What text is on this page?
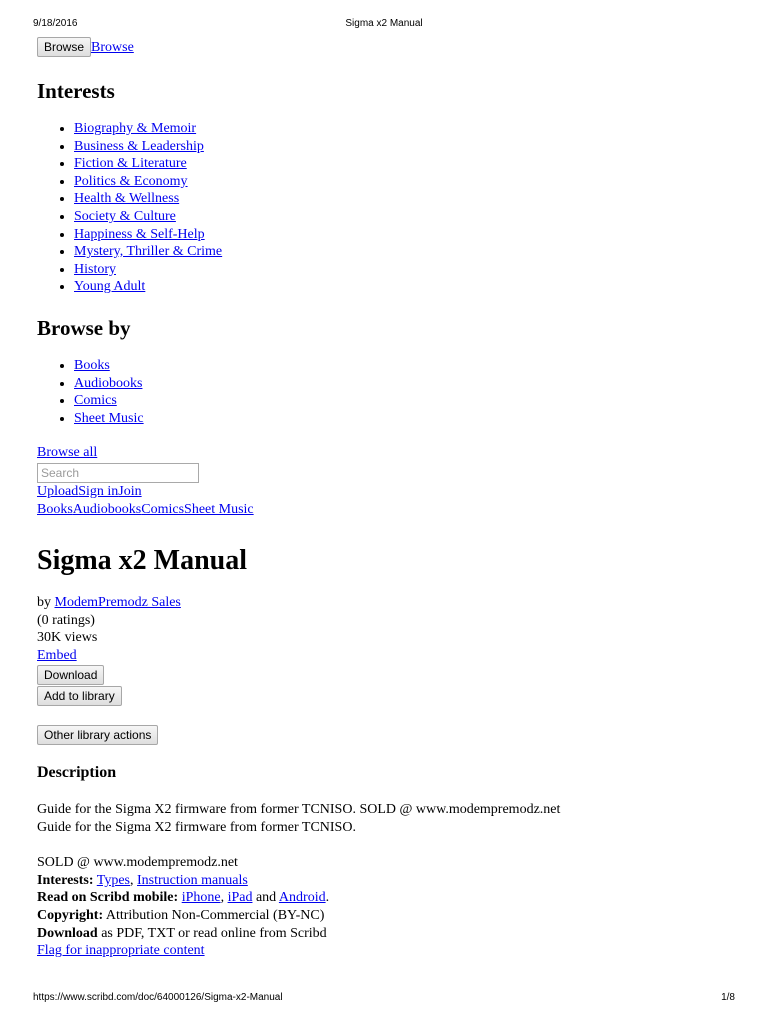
9/18/2016	Sigma x2 Manual
Browse Browse
Interests
• Biography & Memoir
• Business & Leadership
• Fiction & Literature
• Politics & Economy
• Health & Wellness
• Society & Culture
• Happiness & Self-Help
• Mystery, Thriller & Crime
• History
• Young Adult
Browse by
• Books
• Audiobooks
• Comics
• Sheet Music
Browse all
Search
UploadSign inJoin
BooksAudiobooksComicsSheet Music
Sigma x2 Manual
by ModemPremodz Sales
(0 ratings)
30K views
Embed
Download
Add to library
Other library actions
Description
Guide for the Sigma X2 firmware from former TCNISO. SOLD @ www.modempremodz.net
Guide for the Sigma X2 firmware from former TCNISO.
SOLD @ www.modempremodz.net
Interests: Types, Instruction manuals
Read on Scribd mobile: iPhone, iPad and Android.
Copyright: Attribution Non-Commercial (BY-NC)
Download as PDF, TXT or read online from Scribd
Flag for inappropriate content
https://www.scribd.com/doc/64000126/Sigma-x2-Manual	1/8
